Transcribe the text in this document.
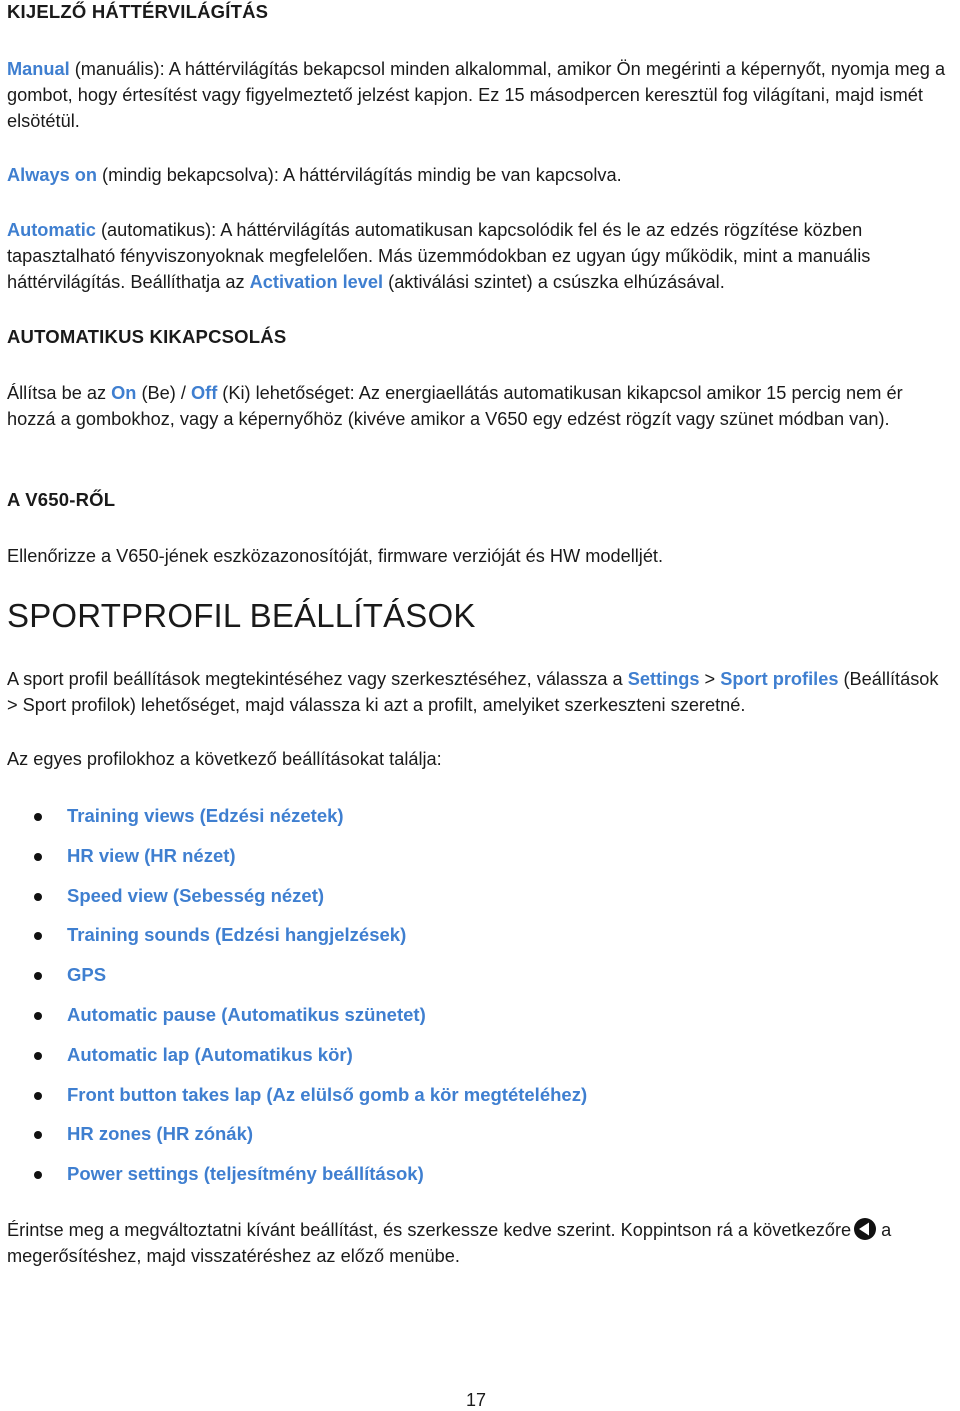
KIJELZŐ HÁTTÉRVILÁGÍTÁS

Manual (manuális): A háttérvilágítás bekapcsol minden alkalommal, amikor Ön megérinti a képernyőt, nyomja meg a gombot, hogy értesítést vagy figyelmeztető jelzést kapjon. Ez 15 másodpercen keresztül fog világítani, majd ismét elsötétül.

Always on (mindig bekapcsolva): A háttérvilágítás mindig be van kapcsolva.

Automatic (automatikus): A háttérvilágítás automatikusan kapcsolódik fel és le az edzés rögzítése közben tapasztalható fényviszonyoknak megfelelően. Más üzemmódokban ez ugyan úgy működik, mint a manuális háttérvilágítás. Beállíthatja az Activation level (aktiválási szintet) a csúszka elhúzásával.

AUTOMATIKUS KIKAPCSOLÁS

Állítsa be az On (Be) / Off (Ki) lehetőséget: Az energiaellátás automatikusan kikapcsol amikor 15 percig nem ér hozzá a gombokhoz, vagy a képernyőhöz (kivéve amikor a V650 egy edzést rögzít vagy szünet módban van).

A V650-RŐL

Ellenőrizze a V650-jének eszközazonosítóját, firmware verzióját és HW modelljét.

SPORTPROFIL BEÁLLÍTÁSOK

A sport profil beállítások megtekintéséhez vagy szerkesztéséhez, válassza a Settings > Sport profiles (Beállítások > Sport profilok) lehetőséget, majd válassza ki azt a profilt, amelyiket szerkeszteni szeretné.

Az egyes profilokhoz a következő beállításokat találja:

Training views (Edzési nézetek)
HR view (HR nézet)
Speed view (Sebesség nézet)
Training sounds (Edzési hangjelzések)
GPS
Automatic pause (Automatikus szünetet)
Automatic lap (Automatikus kör)
Front button takes lap (Az elülső gomb a kör megtételéhez)
HR zones (HR zónák)
Power settings (teljesítmény beállítások)

Érintse meg a megváltoztatni kívánt beállítást, és szerkessze kedve szerint. Koppintson rá a következőre
a megerősítéshez, majd visszatéréshez az előző menübe.

17
